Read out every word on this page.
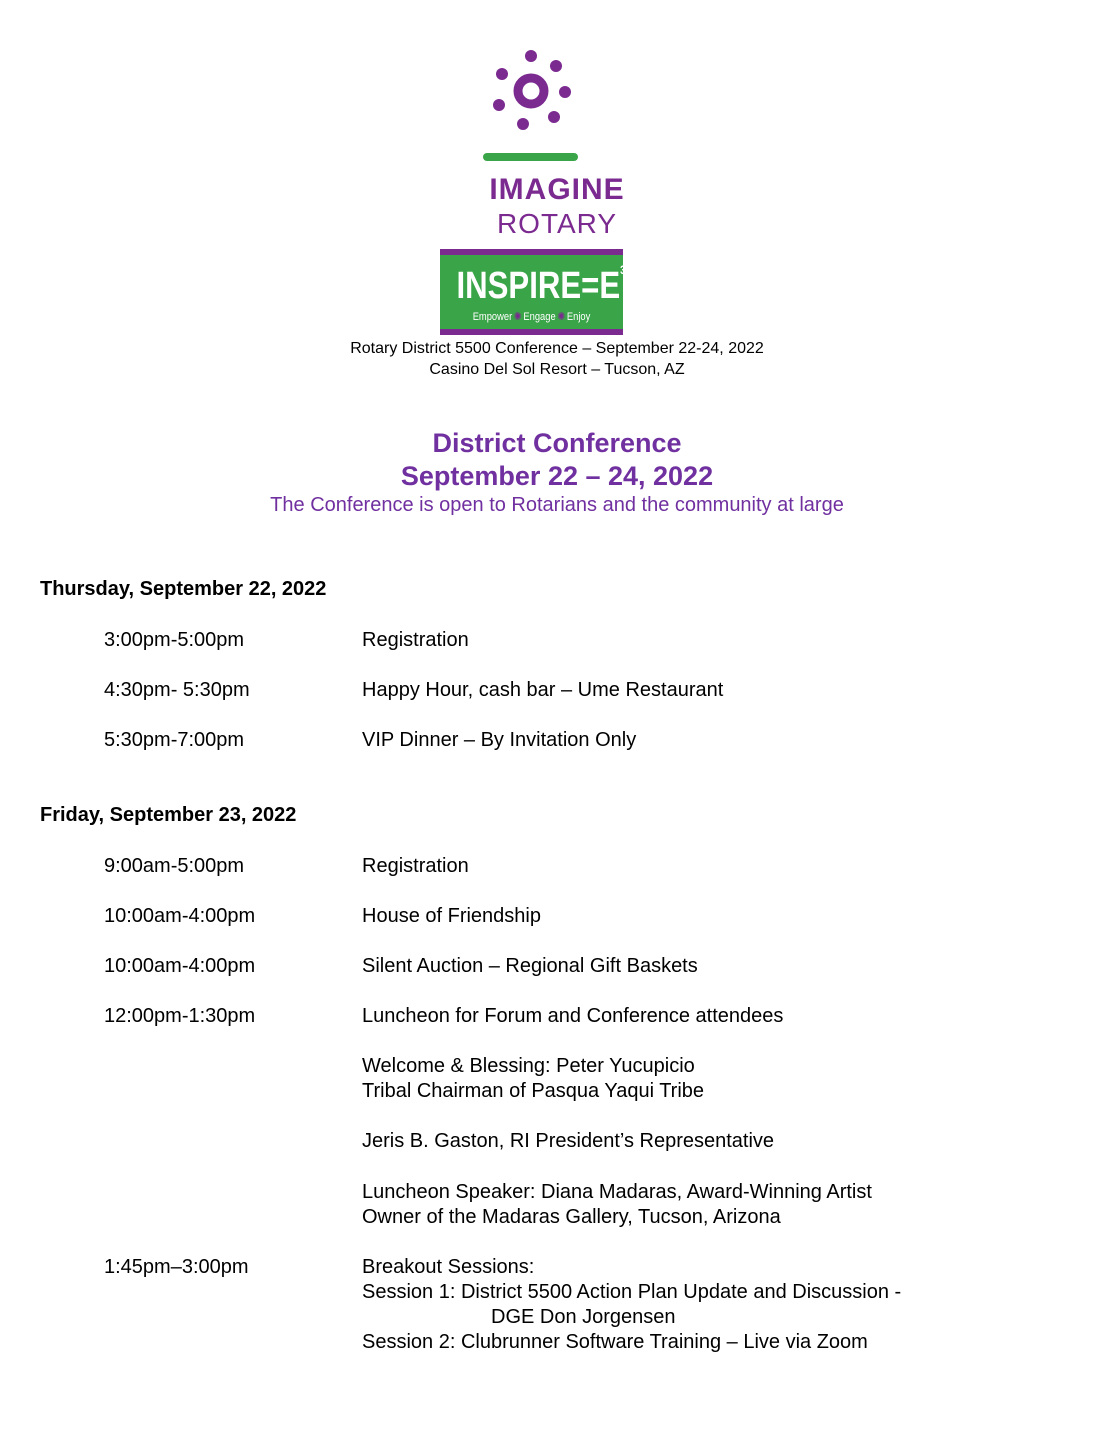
IMAGINE
ROTARY
$INSPIRE=E^3$
Empower ✺ Engage ✺ Enjoy
Rotary District 5500 Conference – September 22-24, 2022
Casino Del Sol Resort – Tucson, AZ
District Conference
September 22 – 24, 2022
The Conference is open to Rotarians and the community at large
Thursday, September 22, 2022
3:00pm-5:00pm	Registration
4:30pm- 5:30pm	Happy Hour, cash bar – Ume Restaurant
5:30pm-7:00pm	VIP Dinner – By Invitation Only
Friday, September 23, 2022
9:00am-5:00pm	Registration
10:00am-4:00pm	House of Friendship
10:00am-4:00pm	Silent Auction – Regional Gift Baskets
12:00pm-1:30pm	Luncheon for Forum and Conference attendees
Welcome & Blessing: Peter Yucupicio
Tribal Chairman of Pasqua Yaqui Tribe
Jeris B. Gaston, RI President’s Representative
Luncheon Speaker: Diana Madaras, Award-Winning Artist
Owner of the Madaras Gallery, Tucson, Arizona
1:45pm–3:00pm	Breakout Sessions:
Session 1: District 5500 Action Plan Update and Discussion -
DGE Don Jorgensen
Session 2: Clubrunner Software Training – Live via Zoom
